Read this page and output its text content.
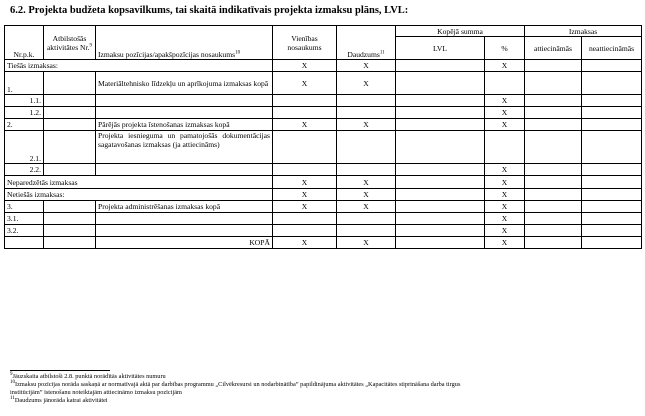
6.2. Projekta budžeta kopsavilkums, tai skaitā indikatīvais projekta izmaksu plāns, LVL:
Nr.p.k.	Atbilstošās aktivitātes Nr.$^9$	Izmaksu pozīcijas/apakšpozīcijas nosaukums$^{10}$	Vienības nosaukums	Daudzums$^{11}$	Kopējā summa		Izmaksas	
					LVL	%	attiecināmās	neattiecināmās
Tiešās izmaksas:			X	X		X		
1.		Materiāltehnisko līdzekļu un aprīkojuma izmaksas kopā	X	X				
1.1.						X		
1.2.						X		
2.		Pārējās projekta īstenošanas izmaksas kopā	X	X		X		
2.1.		Projekta iesnieguma un pamatojošās dokumentācijas sagatavošanas izmaksas (ja attiecināms)						
2.2.						X		
Neparedzētās izmaksas			X	X		X		
Netiešās izmaksas:			X	X		X		
3.		Projekta administrēšanas izmaksas kopā	X	X		X		
3.1.						X		
3.2.						X		
		KOPĀ	X	X		X		
$^9$Jāuzskaita atbilstoši 2.8. punktā norādītās aktivitātes numuru
$^{10}$Izmaksu pozīcijas norāda saskaņā ar normatīvajā aktā par darbības programmu „Cilvēkresursi un nodarbinātība” papildinājuma aktivitātes „Kapacitātes stiprināšana darba tirgus
institūcijām” īstenošanu noteiktajām attiecināmo izmaksu pozīcijām
$^{11}$Daudzums jānorāda katrai aktivitātei
